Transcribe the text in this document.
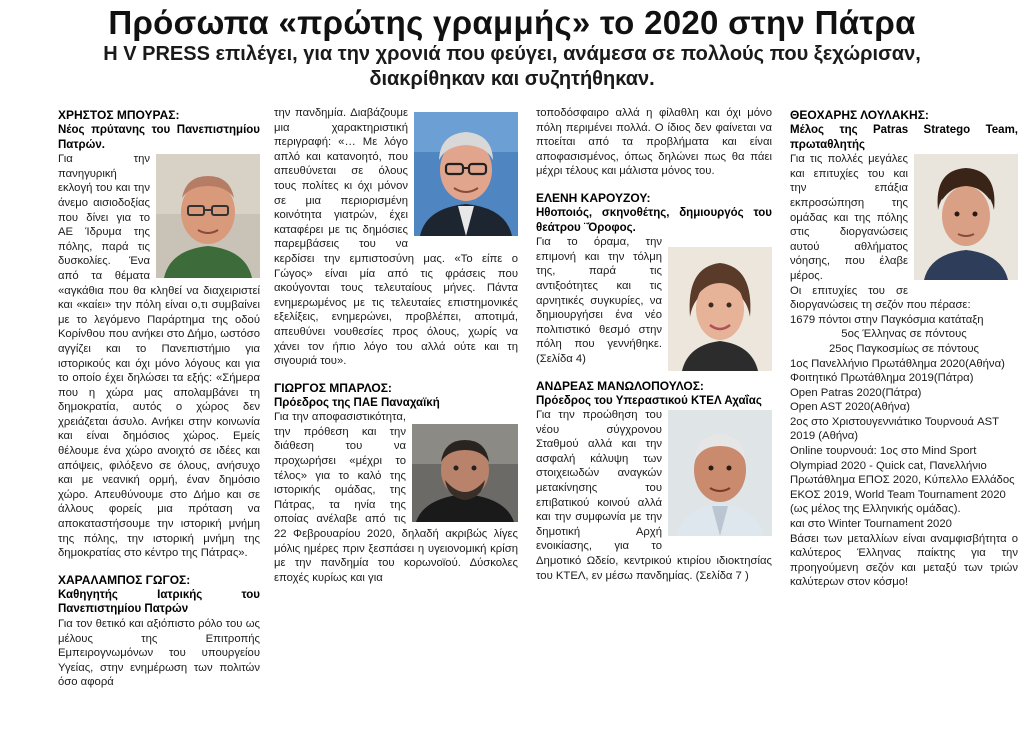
Πρόσωπα «πρώτης γραμμής» το 2020 στην Πάτρα
Η V PRESS επιλέγει, για την χρονιά που φεύγει, ανάμεσα σε πολλούς που ξεχώρισαν,
διακρίθηκαν και συζητήθηκαν.
ΧΡΗΣΤΟΣ ΜΠΟΥΡΑΣ:
Νέος πρύτανης του Πανεπιστημίου Πατρών.

Για την πανηγυρική εκλογή του και την άνεμο αισιοδοξίας που δίνει για το ΑΕ Ίδρυμα της πόλης, παρά τις δυσκολίες. Ένα από τα θέματα «αγκάθια που θα κληθεί να διαχειριστεί και «καίει» την πόλη είναι ο,τι συμβαίνει με το λεγόμενο Παράρτημα της οδού Κορίνθου που ανήκει στο Δήμο, ωστόσο αγγίζει και το Πανεπιστήμιο για ιστορικούς και όχι μόνο λόγους και για το οποίο έχει δηλώσει τα εξής: «Σήμερα που η χώρα μας απολαμβάνει τη δημοκρατία, αυτός ο χώρος δεν χρειάζεται άσυλο. Ανήκει στην κοινωνία και είναι δημόσιος χώρος. Εμείς θέλουμε ένα χώρο ανοιχτό σε ιδέες και απόψεις, φιλόξενο σε όλους, ανήσυχο και με νεανική ορμή, έναν δημόσιο χώρο. Απευθύνουμε στο Δήμο και σε άλλους φορείς μια πρόταση να αποκαταστήσουμε την ιστορική μνήμη της πόλης, την ιστορική μνήμη της δημοκρατίας στο κέντρο της Πάτρας».

ΧΑΡΑΛΑΜΠΟΣ ΓΩΓΟΣ:
Καθηγητής Ιατρικής του Πανεπιστημίου Πατρών

Για τον θετικό και αξιόπιστο ρόλο του ως μέλους της Επιτροπής Εμπειρογνωμόνων του υπουργείου Υγείας, στην ενημέρωση των πολιτών όσο αφορά

την πανδημία. Διαβάζουμε μια χαρακτηριστική περιγραφή: «… Με λόγο απλό και κατανοητό, που απευθύνεται σε όλους τους πολίτες κι όχι μόνον σε μια περιορισμένη κοινότητα γιατρών, έχει καταφέρει με τις δημόσιες παρεμβάσεις του να κερδίσει την εμπιστοσύνη μας. «Το είπε ο Γώγος» είναι μία από τις φράσεις που ακούγονται τους τελευταίους μήνες. Πάντα ενημερωμένος με τις τελευταίες επιστημονικές εξελίξεις, ενημερώνει, προβλέπει, αποτιμά, απευθύνει νουθεσίες προς όλους, χωρίς να χάνει τον ήπιο λόγο του αλλά ούτε και τη σιγουριά του».

ΓΙΩΡΓΟΣ ΜΠΑΡΛΟΣ:
Πρόεδρος της ΠΑΕ Παναχαϊκή

Για την αποφασιστικότητα, την πρόθεση και την διάθεση του να προχωρήσει «μέχρι το τέλος» για το καλό της ιστορικής ομάδας, της Πάτρας, τα ηνία της οποίας ανέλαβε από τις 22 Φεβρουαρίου 2020, δηλαδή ακριβώς λίγες μόλις ημέρες πριν ξεσπάσει η υγειονομική κρίση με την πανδημία του κορωνοϊού. Δύσκολες εποχές κυρίως και για

τοποδόσφαιρο αλλά η φίλαθλη και όχι μόνο πόλη περιμένει πολλά. Ο ίδιος δεν φαίνεται να πτοείται από τα προβλήματα και είναι αποφασισμένος, όπως δηλώνει πως θα πάει μέχρι τέλους και μάλιστα μόνος του.

ΕΛΕΝΗ ΚΑΡΟΥΖΟΥ:
Ηθοποιός, σκηνοθέτης, δημιουργός του θεάτρου ¨Όροφος.

Για το όραμα, την επιμονή και την τόλμη της, παρά τις αντιξοότητες και τις αρνητικές συγκυρίες, να δημιουργήσει ένα νέο πολιτιστικό θεσμό στην πόλη που γεννήθηκε. (Σελίδα 4)

ΑΝΔΡΕΑΣ ΜΑΝΩΛΟΠΟΥΛΟΣ:
Πρόεδρος του Υπεραστικού ΚΤΕΛ Αχαΐας

Για την προώθηση του νέου σύγχρονου Σταθμού αλλά και την ασφαλή κάλυψη των στοιχειωδών αναγκών μετακίνησης του επιβατικού κοινού αλλά και την συμφωνία με την δημοτική Αρχή ενοικίασης, για το Δημοτικό Ωδείο, κεντρικού κτιρίου ιδιοκτησίας του ΚΤΕΛ, εν μέσω πανδημίας. (Σελίδα 7 )

ΘΕΟΧΑΡΗΣ ΛΟΥΛΑΚΗΣ:
Μέλος της Patras Strategο Team, πρωταθλητής

Για τις πολλές μεγάλες και επιτυχίες του και την επάξια εκπροσώπηση της ομάδας και της πόλης στις διοργανώσεις αυτού αθλήματος νόησης, που έλαβε μέρος.

Οι επιτυχίες του σε διοργανώσεις τη σεζόν που πέρασε:

1679 πόντοι στην Παγκόσμια κατάταξη

5ος Έλληνας σε πόντους

25ος Παγκοσμίως σε πόντους

1ος Πανελλήνιο Πρωτάθλημα 2020(Αθήνα)

Φοιτητικό Πρωτάθλημα 2019(Πάτρα)

Open Patras 2020(Πάτρα)

Open AST 2020(Αθήνα)

2ος στο Χριστουγεννιάτικο Τουρνουά AST 2019 (Αθήνα)

Online τουρνουά: 1ος στο Mind Sport Olympiad 2020 - Quick cat, Πανελλήνιο Πρωτάθλημα ΕΠΟΣ 2020, Κύπελλο Ελλάδος ΕΚΟΣ 2019, World Team Tournament 2020 (ως μέλος της Ελληνικής ομάδας).

και στο Winter Tournament 2020

Βάσει των μεταλλίων είναι αναμφισβήτητα ο καλύτερος Έλληνας παίκτης για την προηγούμενη σεζόν και μεταξύ των τριών καλύτερων στον κόσμο!
